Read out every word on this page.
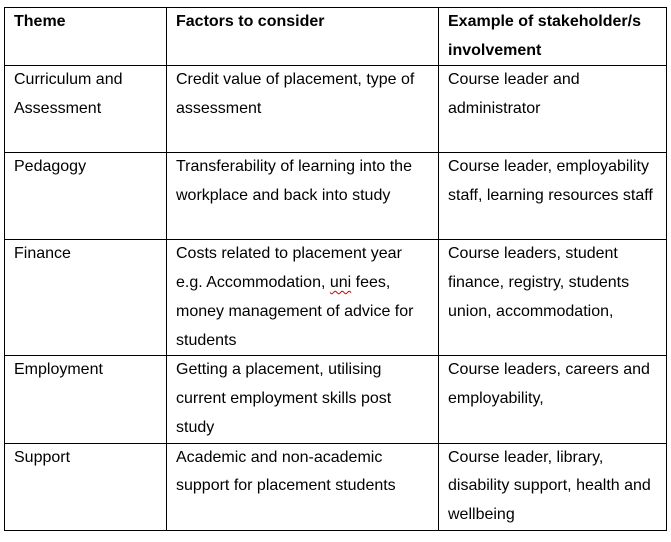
Theme	Factors to consider	Example of stakeholder/s involvement
Curriculum and Assessment	Credit value of placement, type of assessment	Course leader and administrator
Pedagogy	Transferability of learning into the workplace and back into study	Course leader, employability staff, learning resources staff
Finance	Costs related to placement year e.g. Accommodation, uni fees, money management of advice for students	Course leaders, student finance, registry, students union, accommodation,
Employment	Getting a placement, utilising current employment skills post study	Course leaders, careers and employability,
Support	Academic and non-academic support for placement students	Course leader, library, disability support, health and wellbeing
